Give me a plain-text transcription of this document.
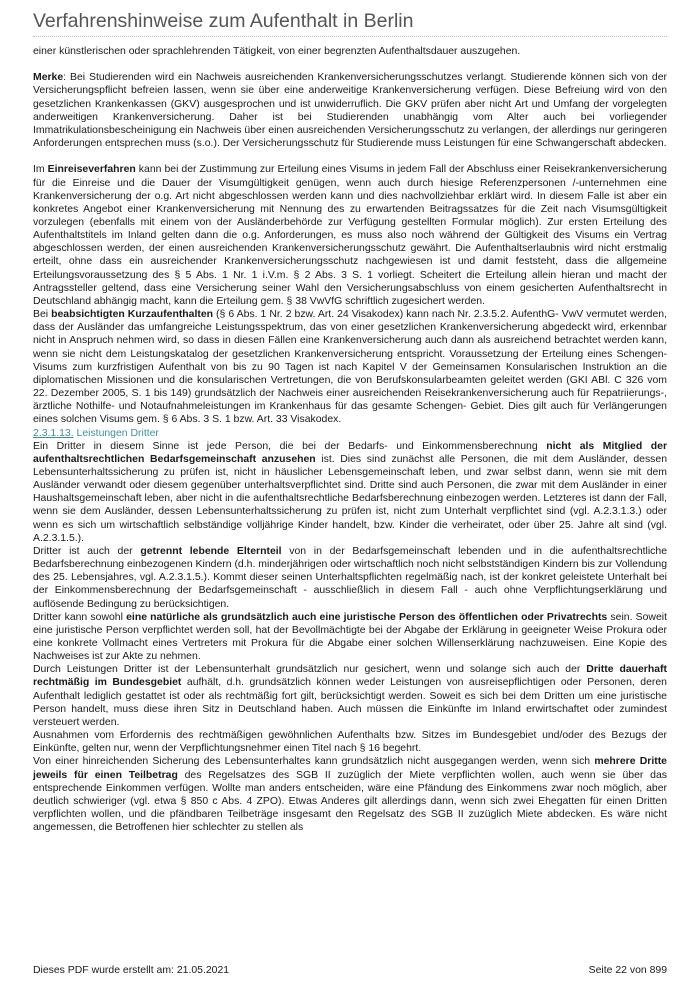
Verfahrenshinweise zum Aufenthalt in Berlin

einer künstlerischen oder sprachlehrenden Tätigkeit, von einer begrenzten Aufenthaltsdauer auszugehen.

Merke: Bei Studierenden wird ein Nachweis ausreichenden Krankenversicherungsschutzes verlangt. Studierende können sich von der Versicherungspflicht befreien lassen, wenn sie über eine anderweitige Krankenversicherung verfügen. Diese Befreiung wird von den gesetzlichen Krankenkassen (GKV) ausgesprochen und ist unwiderruflich. Die GKV prüfen aber nicht Art und Umfang der vorgelegten anderweitigen Krankenversicherung. Daher ist bei Studierenden unabhängig vom Alter auch bei vorliegender Immatrikulationsbescheinigung ein Nachweis über einen ausreichenden Versicherungsschutz zu verlangen, der allerdings nur geringeren Anforderungen entsprechen muss (s.o.). Der Versicherungsschutz für Studierende muss Leistungen für eine Schwangerschaft abdecken.

Im Einreiseverfahren kann bei der Zustimmung zur Erteilung eines Visums in jedem Fall der Abschluss einer Reisekrankenversicherung für die Einreise und die Dauer der Visumgültigkeit genügen, wenn auch durch hiesige Referenzpersonen /-unternehmen eine Krankenversicherung der o.g. Art nicht abgeschlossen werden kann und dies nachvollziehbar erklärt wird. In diesem Falle ist aber ein konkretes Angebot einer Krankenversicherung mit Nennung des zu erwartenden Beitragssatzes für die Zeit nach Visumsgültigkeit vorzulegen (ebenfalls mit einem von der Ausländerbehörde zur Verfügung gestellten Formular möglich). Zur ersten Erteilung des Aufenthaltstitels im Inland gelten dann die o.g. Anforderungen, es muss also noch während der Gültigkeit des Visums ein Vertrag abgeschlossen werden, der einen ausreichenden Krankenversicherungsschutz gewährt. Die Aufenthaltserlaubnis wird nicht erstmalig erteilt, ohne dass ein ausreichender Krankenversicherungsschutz nachgewiesen ist und damit feststeht, dass die allgemeine Erteilungsvoraussetzung des § 5 Abs. 1 Nr. 1 i.V.m. § 2 Abs. 3 S. 1 vorliegt. Scheitert die Erteilung allein hieran und macht der Antragssteller geltend, dass eine Versicherung seiner Wahl den Versicherungsabschluss von einem gesicherten Aufenthaltsrecht in Deutschland abhängig macht, kann die Erteilung gem. § 38 VwVfG schriftlich zugesichert werden.

Bei beabsichtigten Kurzaufenthalten (§ 6 Abs. 1 Nr. 2 bzw. Art. 24 Visakodex) kann nach Nr. 2.3.5.2. AufenthG- VwV vermutet werden, dass der Ausländer das umfangreiche Leistungsspektrum, das von einer gesetzlichen Krankenversicherung abgedeckt wird, erkennbar nicht in Anspruch nehmen wird, so dass in diesen Fällen eine Krankenversicherung auch dann als ausreichend betrachtet werden kann, wenn sie nicht dem Leistungskatalog der gesetzlichen Krankenversicherung entspricht. Voraussetzung der Erteilung eines Schengen-Visums zum kurzfristigen Aufenthalt von bis zu 90 Tagen ist nach Kapitel V der Gemeinsamen Konsularischen Instruktion an die diplomatischen Missionen und die konsularischen Vertretungen, die von Berufskonsularbeamten geleitet werden (GKI ABl. C 326 vom 22. Dezember 2005, S. 1 bis 149) grundsätzlich der Nachweis einer ausreichenden Reisekrankenversicherung auch für Repatriierungs-, ärztliche Nothilfe- und Notaufnahmeleistungen im Krankenhaus für das gesamte Schengen- Gebiet. Dies gilt auch für Verlängerungen eines solchen Visums gem. § 6 Abs. 3 S. 1 bzw. Art. 33 Visakodex.

2.3.1.13. Leistungen Dritter

Ein Dritter in diesem Sinne ist jede Person, die bei der Bedarfs- und Einkommensberechnung nicht als Mitglied der aufenthaltsrechtlichen Bedarfsgemeinschaft anzusehen ist. Dies sind zunächst alle Personen, die mit dem Ausländer, dessen Lebensunterhaltssicherung zu prüfen ist, nicht in häuslicher Lebensgemeinschaft leben, und zwar selbst dann, wenn sie mit dem Ausländer verwandt oder diesem gegenüber unterhaltsverpflichtet sind. Dritte sind auch Personen, die zwar mit dem Ausländer in einer Haushaltsgemeinschaft leben, aber nicht in die aufenthaltsrechtliche Bedarfsberechnung einbezogen werden. Letzteres ist dann der Fall, wenn sie dem Ausländer, dessen Lebensunterhaltssicherung zu prüfen ist, nicht zum Unterhalt verpflichtet sind (vgl. A.2.3.1.3.) oder wenn es sich um wirtschaftlich selbständige volljährige Kinder handelt, bzw. Kinder die verheiratet, oder über 25. Jahre alt sind (vgl. A.2.3.1.5.).

Dritter ist auch der getrennt lebende Elternteil von in der Bedarfsgemeinschaft lebenden und in die aufenthaltsrechtliche Bedarfsberechnung einbezogenen Kindern (d.h. minderjährigen oder wirtschaftlich noch nicht selbstständigen Kindern bis zur Vollendung des 25. Lebensjahres, vgl. A.2.3.1.5.). Kommt dieser seinen Unterhaltspflichten regelmäßig nach, ist der konkret geleistete Unterhalt bei der Einkommensberechnung der Bedarfsgemeinschaft - ausschließlich in diesem Fall - auch ohne Verpflichtungserklärung und auflösende Bedingung zu berücksichtigen.

Dritter kann sowohl eine natürliche als grundsätzlich auch eine juristische Person des öffentlichen oder Privatrechts sein. Soweit eine juristische Person verpflichtet werden soll, hat der Bevollmächtigte bei der Abgabe der Erklärung in geeigneter Weise Prokura oder eine konkrete Vollmacht eines Vertreters mit Prokura für die Abgabe einer solchen Willenserklärung nachzuweisen. Eine Kopie des Nachweises ist zur Akte zu nehmen.

Durch Leistungen Dritter ist der Lebensunterhalt grundsätzlich nur gesichert, wenn und solange sich auch der Dritte dauerhaft rechtmäßig im Bundesgebiet aufhält, d.h. grundsätzlich können weder Leistungen von ausreisepflichtigen oder Personen, deren Aufenthalt lediglich gestattet ist oder als rechtmäßig fort gilt, berücksichtigt werden. Soweit es sich bei dem Dritten um eine juristische Person handelt, muss diese ihren Sitz in Deutschland haben. Auch müssen die Einkünfte im Inland erwirtschaftet oder zumindest versteuert werden.

Ausnahmen vom Erfordernis des rechtmäßigen gewöhnlichen Aufenthalts bzw. Sitzes im Bundesgebiet und/oder des Bezugs der Einkünfte, gelten nur, wenn der Verpflichtungsnehmer einen Titel nach § 16 begehrt.

Von einer hinreichenden Sicherung des Lebensunterhaltes kann grundsätzlich nicht ausgegangen werden, wenn sich mehrere Dritte jeweils für einen Teilbetrag des Regelsatzes des SGB II zuzüglich der Miete verpflichten wollen, auch wenn sie über das entsprechende Einkommen verfügen. Wollte man anders entscheiden, wäre eine Pfändung des Einkommens zwar noch möglich, aber deutlich schwieriger (vgl. etwa § 850 c Abs. 4 ZPO). Etwas Anderes gilt allerdings dann, wenn sich zwei Ehegatten für einen Dritten verpflichten wollen, und die pfändbaren Teilbeträge insgesamt den Regelsatz des SGB II zuzüglich Miete abdecken. Es wäre nicht angemessen, die Betroffenen hier schlechter zu stellen als

Dieses PDF wurde erstellt am: 21.05.2021	Seite 22 von 899
